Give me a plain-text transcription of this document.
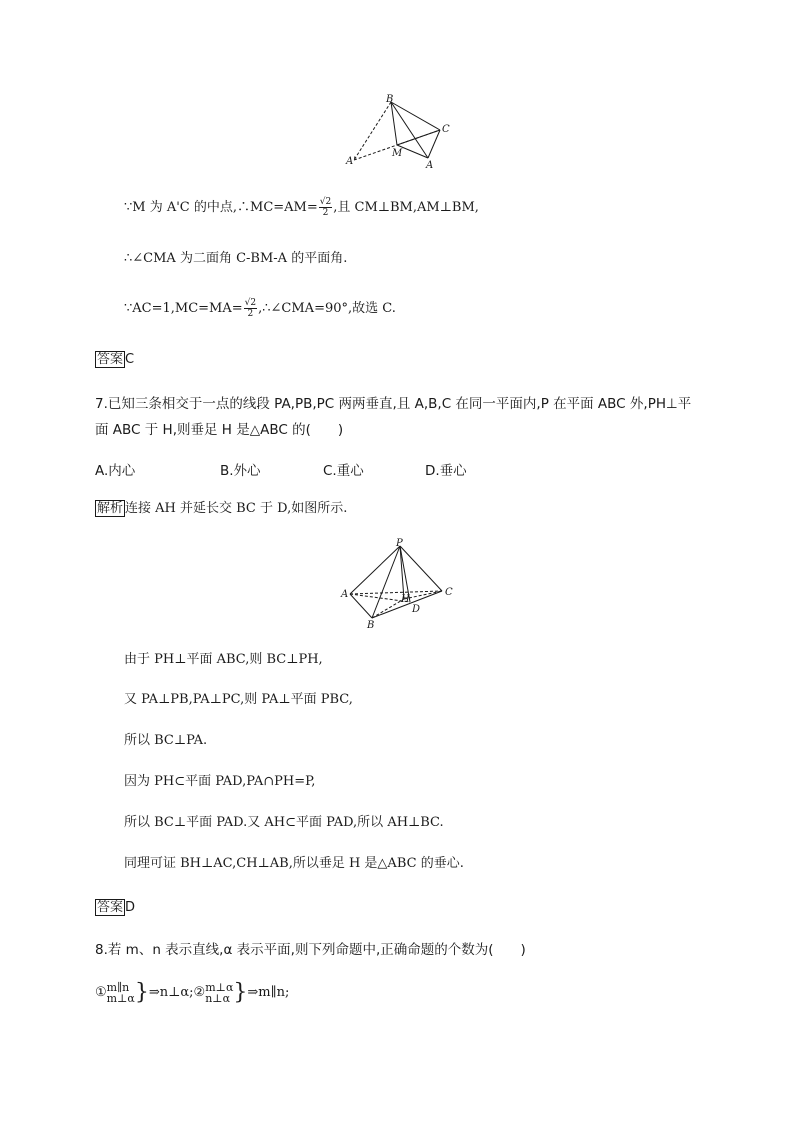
B
C
M
A
A'
∵M 为 A'C 的中点,∴MC=AM= $\frac{√2}{2}$ ,且 CM⊥BM,AM⊥BM,
∴∠CMA 为二面角 C-BM-A 的平面角.
∵AC=1,MC=MA= $\frac{√2}{2}$ ,∴∠CMA=90°,故选 C.
答案 C
7.已知三条相交于一点的线段 PA,PB,PC 两两垂直,且 A,B,C 在同一平面内,P 在平面 ABC 外,PH⊥平
面 ABC 于 H,则垂足 H 是△ABC 的(　　)
A.内心	B.外心	C.重心	D.垂心
解析 连接 AH 并延长交 BC 于 D,如图所示.
P
A	H
D
C
B
由于 PH⊥平面 ABC,则 BC⊥PH,
又 PA⊥PB,PA⊥PC,则 PA⊥平面 PBC,
所以 BC⊥PA.
因为 PH⊂平面 PAD,PA∩PH=P,
所以 BC⊥平面 PAD.又 AH⊂平面 PAD,所以 AH⊥BC.
同理可证 BH⊥AC,CH⊥AB,所以垂足 H 是△ABC 的垂心.
答案 D
8.若 m、n 表示直线,α 表示平面,则下列命题中,正确命题的个数为(　　)
① m∥n
m⊥α }⇒n⊥α;② m⊥α
n⊥α }⇒m∥n;
